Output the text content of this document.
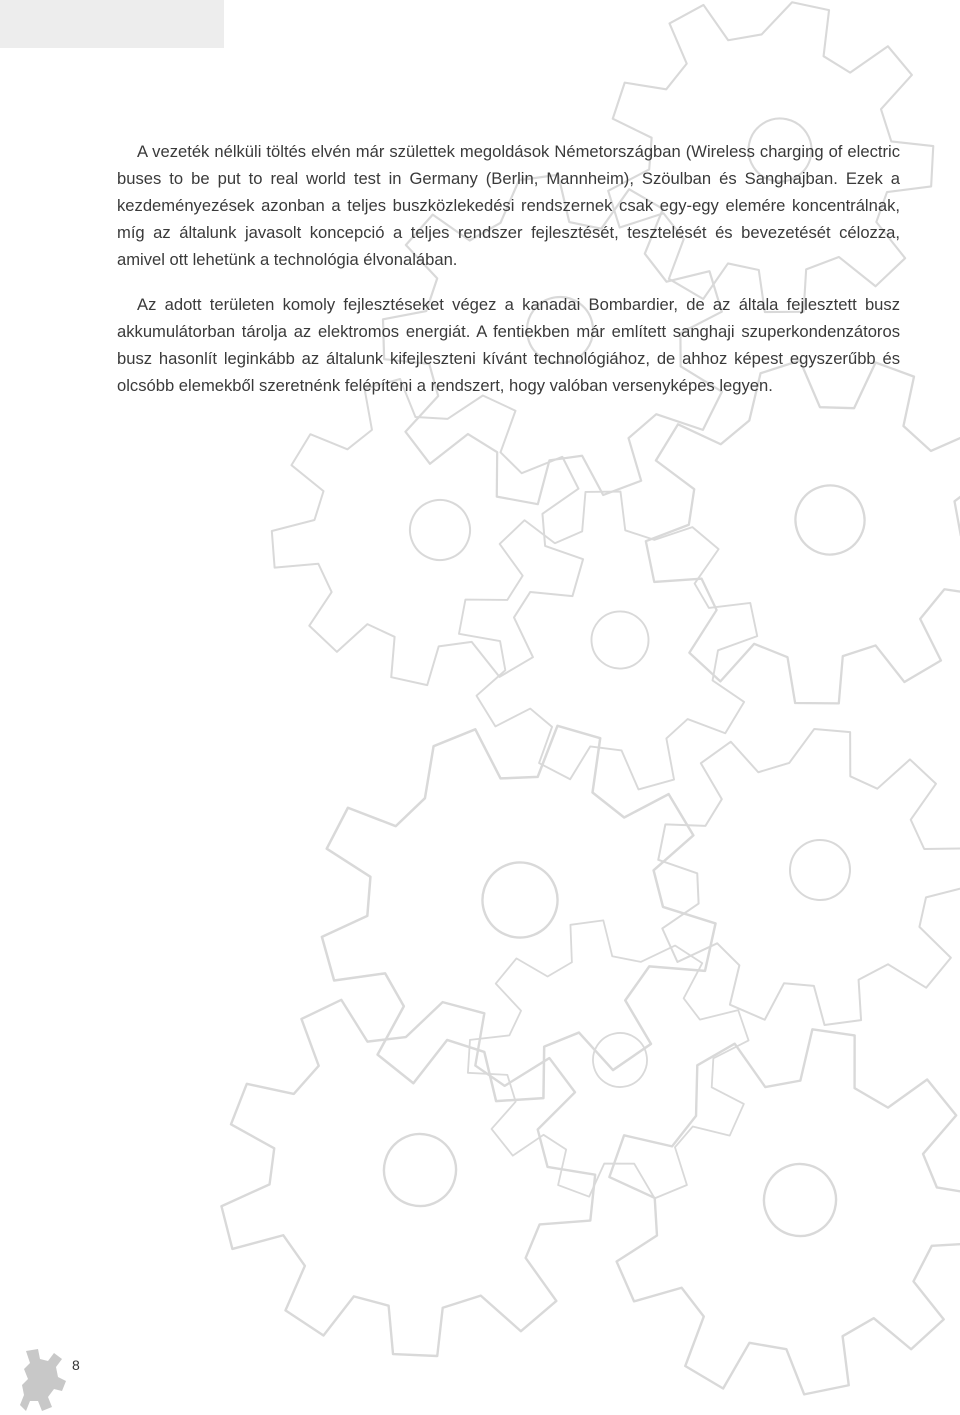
A vezeték nélküli töltés elvén már születtek megoldások Németországban (Wireless charging of electric buses to be put to real world test in Germany (Berlin, Mannheim), Szöulban és Sanghajban. Ezek a kezdeményezések azonban a teljes buszközlekedési rendszernek csak egy-egy elemére koncentrálnak, míg az általunk javasolt koncepció a teljes rendszer fejlesztését, tesztelését és bevezetését célozza, amivel ott lehetünk a technológia élvonalában.

Az adott területen komoly fejlesztéseket végez a kanadai Bombardier, de az általa fejlesztett busz akkumulátorban tárolja az elektromos energiát. A fentiekben már említett sanghaji szuperkondenzátoros busz hasonlít leginkább az általunk kifejleszteni kívánt technológiához, de ahhoz képest egyszerűbb és olcsóbb elemekből szeretnénk felépíteni a rendszert, hogy valóban versenyképes legyen.

8
